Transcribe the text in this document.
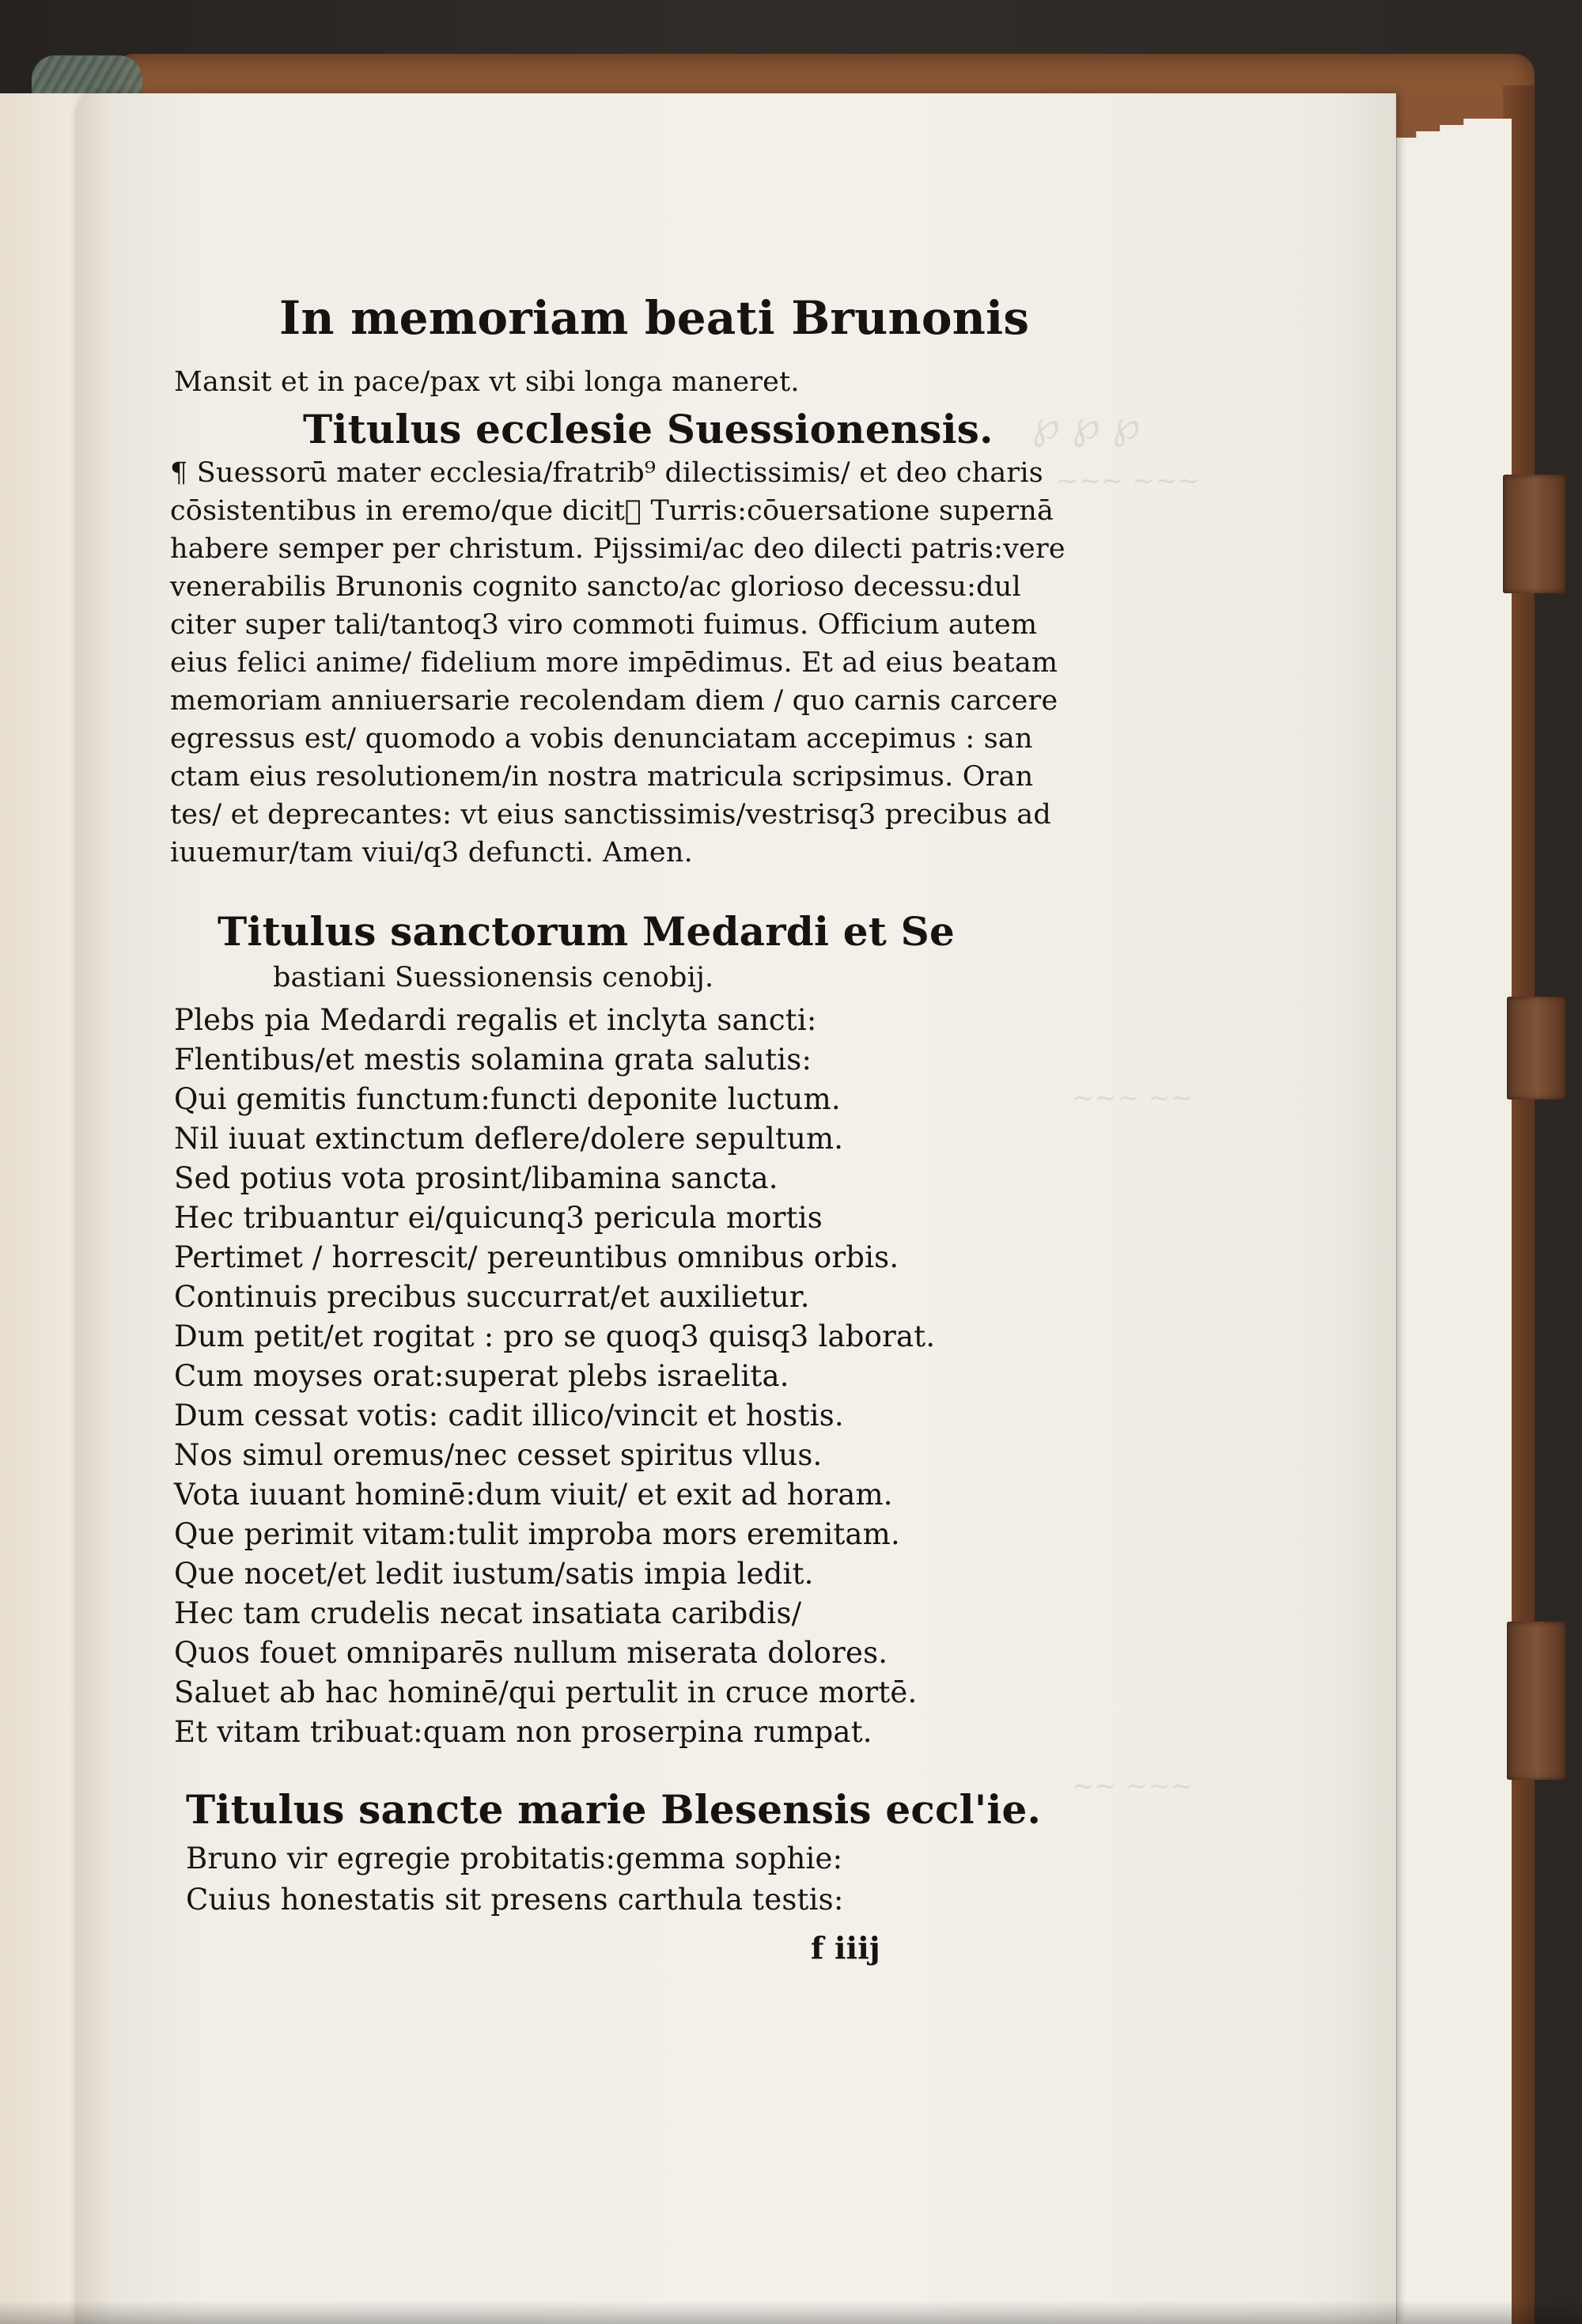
℘ ℘ ℘
~~~ ~~~
~~~ ~~
~~ ~~~
In memoriam beati Brunonis
Mansit et in pace/pax vt sibi longa maneret.
Titulus ecclesie Suessionensis.
¶ Suessorū mater ecclesia/fratrib⁹ dilectissimis/ et deo charis
cōsistentibus in eremo/que dicit᷑ Turris:cōuersatione supernā
habere semper per christum. Pijssimi/ac deo dilecti patris:vere
venerabilis Brunonis cognito sancto/ac glorioso decessu:dul
citer super tali/tantoq3 viro commoti fuimus. Officium autem
eius felici anime/ fidelium more impēdimus. Et ad eius beatam
memoriam anniuersarie recolendam diem / quo carnis carcere
egressus est/ quomodo a vobis denunciatam accepimus : san
ctam eius resolutionem/in nostra matricula scripsimus. Oran
tes/ et deprecantes: vt eius sanctissimis/vestrisq3 precibus ad
iuuemur/tam viui/q3 defuncti. Amen.
Titulus sanctorum Medardi et Se
bastiani Suessionensis cenobij.
Plebs pia Medardi regalis et inclyta sancti:
Flentibus/et mestis solamina grata salutis:
Qui gemitis functum:functi deponite luctum.
Nil iuuat extinctum deflere/dolere sepultum.
Sed potius vota prosint/libamina sancta.
Hec tribuantur ei/quicunq3 pericula mortis
Pertimet / horrescit/ pereuntibus omnibus orbis.
Continuis precibus succurrat/et auxilietur.
Dum petit/et rogitat : pro se quoq3 quisq3 laborat.
Cum moyses orat:superat plebs israelita.
Dum cessat votis: cadit illico/vincit et hostis.
Nos simul oremus/nec cesset spiritus vllus.
Vota iuuant hominē:dum viuit/ et exit ad horam.
Que perimit vitam:tulit improba mors eremitam.
Que nocet/et ledit iustum/satis impia ledit.
Hec tam crudelis necat insatiata caribdis/
Quos fouet omniparēs nullum miserata dolores.
Saluet ab hac hominē/qui pertulit in cruce mortē.
Et vitam tribuat:quam non proserpina rumpat.
Titulus sancte marie Blesensis eccl'ie.
Bruno vir egregie probitatis:gemma sophie:
Cuius honestatis sit presens carthula testis:
f iiij
